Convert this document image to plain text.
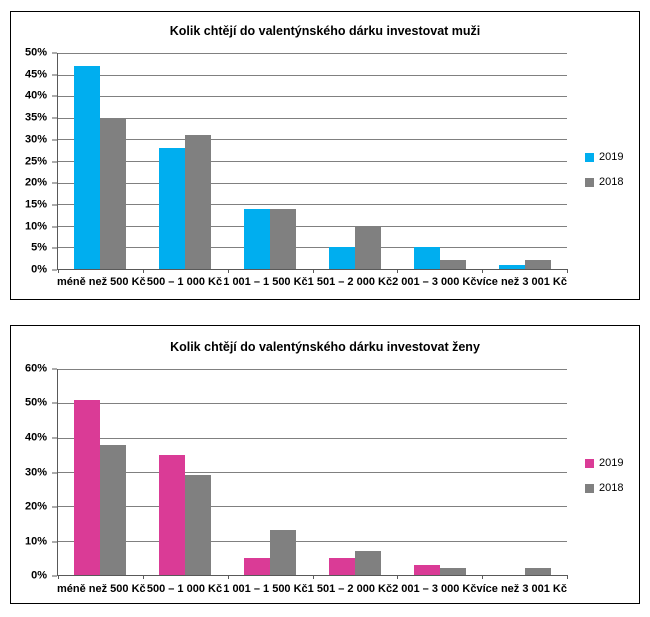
Kolik chtějí do valentýnského dárku investovat muži
50%
45%
40%
35%
30%
25%
20%
15%
10%
5%
0%
méně než 500 Kč 500 – 1 000 Kč 1 001 – 1 500 Kč 1 501 – 2 000 Kč 2 001 – 3 000 Kč více než 3 001 Kč
2019
2018
Kolik chtějí do valentýnského dárku investovat ženy
60%
50%
40%
30%
20%
10%
0%
méně než 500 Kč 500 – 1 000 Kč 1 001 – 1 500 Kč 1 501 – 2 000 Kč 2 001 – 3 000 Kč více než 3 001 Kč
2019
2018
